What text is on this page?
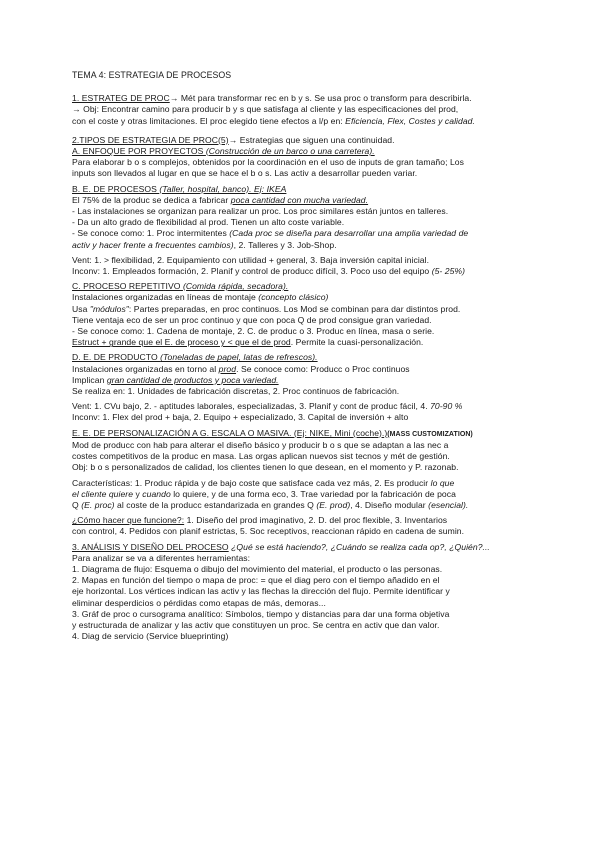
TEMA 4: ESTRATEGIA DE PROCESOS

1. ESTRATEG DE PROC→ Mét para transformar rec en b y s. Se usa proc o transform para describirla.
→ Obj: Encontrar camino para producir b y s que satisfaga al cliente y las especificaciones del prod,
con el coste y otras limitaciones. El proc elegido tiene efectos a l/p en: Eficiencia, Flex, Costes y calidad.
2.TIPOS DE ESTRATEGIA DE PROC(5)→ Estrategias que siguen una continuidad.
A. ENFOQUE POR PROYECTOS (Construcción de un barco o una carretera).
Para elaborar b o s complejos, obtenidos por la coordinación en el uso de inputs de gran tamaño; Los
inputs son llevados al lugar en que se hace el b o s. Las activ a desarrollar pueden variar.
B. E. DE PROCESOS (Taller, hospital, banco). Ej: IKEA
El 75% de la produc se dedica a fabricar poca cantidad con mucha variedad.
- Las instalaciones se organizan para realizar un proc. Los proc similares están juntos en talleres.
- Da un alto grado de flexibilidad al prod. Tienen un alto coste variable.
- Se conoce como: 1. Proc intermitentes (Cada proc se diseña para desarrollar una amplia variedad de
activ y hacer frente a frecuentes cambios), 2. Talleres y 3. Job-Shop.
Vent: 1. > flexibilidad, 2. Equipamiento con utilidad + general, 3. Baja inversión capital inicial.
Inconv: 1. Empleados formación, 2. Planif y control de producc difícil, 3. Poco uso del equipo (5- 25%)
C. PROCESO REPETITIVO (Comida rápida, secadora).
Instalaciones organizadas en líneas de montaje (concepto clásico)
Usa "módulos": Partes preparadas, en proc continuos. Los Mod se combinan para dar distintos prod.
Tiene ventaja eco de ser un proc continuo y que con poca Q de prod consigue gran variedad.
- Se conoce como: 1. Cadena de montaje, 2. C. de produc o 3. Produc en línea, masa o serie.
Estruct + grande que el E. de proceso y < que el de prod. Permite la cuasi-personalización.
D. E. DE PRODUCTO (Toneladas de papel, latas de refrescos).
Instalaciones organizadas en torno al prod. Se conoce como: Producc o Proc continuos
Implican gran cantidad de productos y poca variedad.
Se realiza en: 1. Unidades de fabricación discretas, 2. Proc continuos de fabricación.
Vent: 1. CVu bajo, 2. - aptitudes laborales, especializadas, 3. Planif y cont de produc fácil, 4. 70-90 %
Inconv: 1. Flex del prod + baja, 2. Equipo + especializado, 3. Capital de inversión + alto
E. E. DE PERSONALIZACIÓN A G. ESCALA O MASIVA. (Ej: NIKE, Mini (coche).)(MASS CUSTOMIZATION)
Mod de producc con hab para alterar el diseño básico y producir b o s que se adaptan a las nec a
costes competitivos de la produc en masa. Las orgas aplican nuevos sist tecnos y mét de gestión.
Obj: b o s personalizados de calidad, los clientes tienen lo que desean, en el momento y P. razonab.
Características: 1. Produc rápida y de bajo coste que satisface cada vez más, 2. Es producir lo que
el cliente quiere y cuando lo quiere, y de una forma eco, 3. Trae variedad por la fabricación de poca
Q (E. proc) al coste de la producc estandarizada en grandes Q (E. prod), 4. Diseño modular (esencial).
¿Cómo hacer que funcione?: 1. Diseño del prod imaginativo, 2. D. del proc flexible, 3. Inventarios
con control, 4. Pedidos con planif estrictas, 5. Soc receptivos, reaccionan rápido en cadena de sumin.
3. ANÁLISIS Y DISEÑO DEL PROCESO ¿Qué se está haciendo?, ¿Cuándo se realiza cada op?, ¿Quién?...
Para analizar se va a diferentes herramientas:
1. Diagrama de flujo: Esquema o dibujo del movimiento del material, el producto o las personas.
2. Mapas en función del tiempo o mapa de proc: = que el diag pero con el tiempo añadido en el
eje horizontal. Los vértices indican las activ y las flechas la dirección del flujo. Permite identificar y
eliminar desperdicios o pérdidas como etapas de más, demoras...
3. Gráf de proc o cursograma analítico: Símbolos, tiempo y distancias para dar una forma objetiva
y estructurada de analizar y las activ que constituyen un proc. Se centra en activ que dan valor.
4. Diag de servicio (Service blueprinting)
